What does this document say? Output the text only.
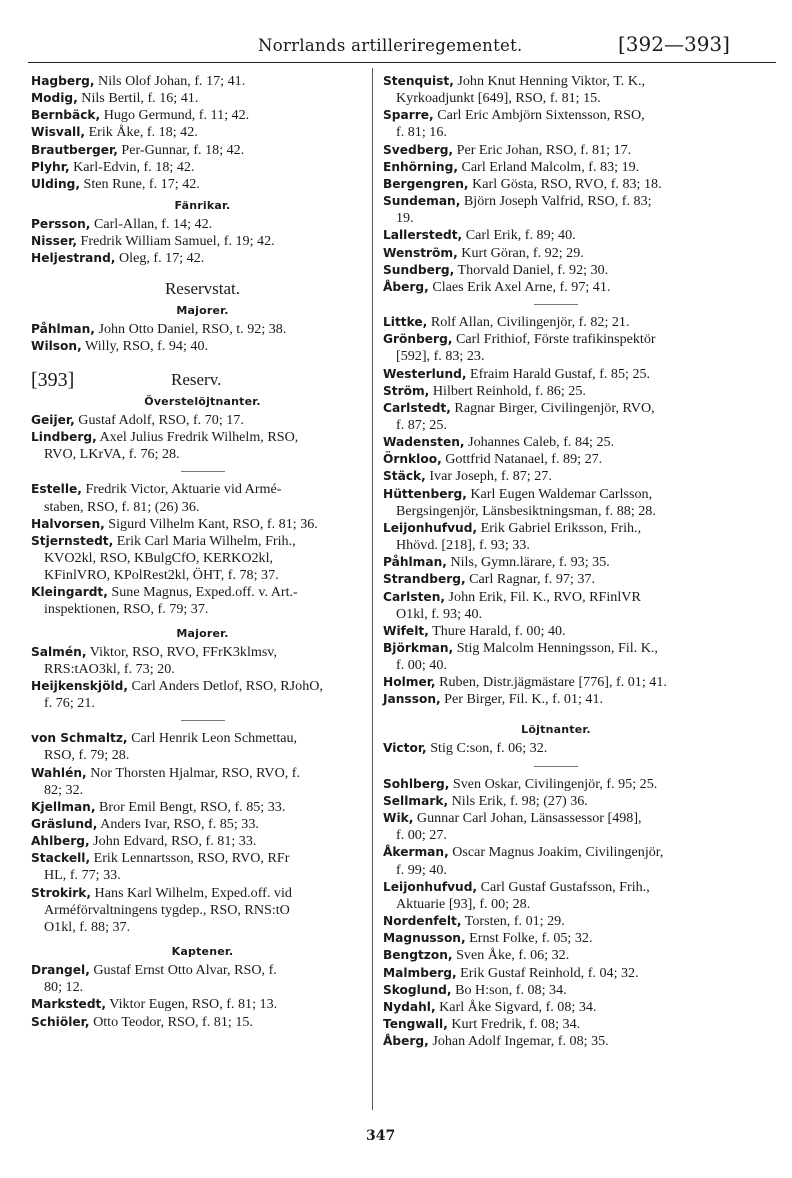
Norrlands artilleriregementet.	[392—393]
Hagberg, Nils Olof Johan, f. 17; 41.
Modig, Nils Bertil, f. 16; 41.
Bernbäck, Hugo Germund, f. 11; 42.
Wisvall, Erik Åke, f. 18; 42.
Brautberger, Per-Gunnar, f. 18; 42.
Plyhr, Karl-Edvin, f. 18; 42.
Ulding, Sten Rune, f. 17; 42.
Fänrikar.
Persson, Carl-Allan, f. 14; 42.
Nisser, Fredrik William Samuel, f. 19; 42.
Heljestrand, Oleg, f. 17; 42.
Reservstat.
Majorer.
Påhlman, John Otto Daniel, RSO, t. 92; 38.
Wilson, Willy, RSO, f. 94; 40.
[393]	Reserv.
Överstelöjtnanter.
Geijer, Gustaf Adolf, RSO, f. 70; 17.
Lindberg, Axel Julius Fredrik Wilhelm, RSO,
RVO, LKrVA, f. 76; 28.
Estelle, Fredrik Victor, Aktuarie vid Armé-
staben, RSO, f. 81; (26) 36.
Halvorsen, Sigurd Vilhelm Kant, RSO, f. 81; 36.
Stjernstedt, Erik Carl Maria Wilhelm, Frih.,
KVO2kl, RSO, KBulgCfO, KERKO2kl,
KFinlVRO, KPolRest2kl, ÖHT, f. 78; 37.
Kleingardt, Sune Magnus, Exped.off. v. Art.-
inspektionen, RSO, f. 79; 37.
Majorer.
Salmén, Viktor, RSO, RVO, FFrK3klmsv,
RRS:tAO3kl, f. 73; 20.
Heijkenskjöld, Carl Anders Detlof, RSO, RJohO,
f. 76; 21.
von Schmaltz, Carl Henrik Leon Schmettau,
RSO, f. 79; 28.
Wahlén, Nor Thorsten Hjalmar, RSO, RVO, f.
82; 32.
Kjellman, Bror Emil Bengt, RSO, f. 85; 33.
Gräslund, Anders Ivar, RSO, f. 85; 33.
Ahlberg, John Edvard, RSO, f. 81; 33.
Stackell, Erik Lennartsson, RSO, RVO, RFr
HL, f. 77; 33.
Strokirk, Hans Karl Wilhelm, Exped.off. vid
Arméförvaltningens tygdep., RSO, RNS:tO
O1kl, f. 88; 37.
Kaptener.
Drangel, Gustaf Ernst Otto Alvar, RSO, f.
80; 12.
Markstedt, Viktor Eugen, RSO, f. 81; 13.
Schiöler, Otto Teodor, RSO, f. 81; 15.
Stenquist, John Knut Henning Viktor, T. K.,
Kyrkoadjunkt [649], RSO, f. 81; 15.
Sparre, Carl Eric Ambjörn Sixtensson, RSO,
f. 81; 16.
Svedberg, Per Eric Johan, RSO, f. 81; 17.
Enhörning, Carl Erland Malcolm, f. 83; 19.
Bergengren, Karl Gösta, RSO, RVO, f. 83; 18.
Sundeman, Björn Joseph Valfrid, RSO, f. 83;
19.
Lallerstedt, Carl Erik, f. 89; 40.
Wenström, Kurt Göran, f. 92; 29.
Sundberg, Thorvald Daniel, f. 92; 30.
Åberg, Claes Erik Axel Arne, f. 97; 41.
Littke, Rolf Allan, Civilingenjör, f. 82; 21.
Grönberg, Carl Frithiof, Förste trafikinspektör
[592], f. 83; 23.
Westerlund, Efraim Harald Gustaf, f. 85; 25.
Ström, Hilbert Reinhold, f. 86; 25.
Carlstedt, Ragnar Birger, Civilingenjör, RVO,
f. 87; 25.
Wadensten, Johannes Caleb, f. 84; 25.
Örnkloo, Gottfrid Natanael, f. 89; 27.
Stäck, Ivar Joseph, f. 87; 27.
Hüttenberg, Karl Eugen Waldemar Carlsson,
Bergsingenjör, Länsbesiktningsman, f. 88; 28.
Leijonhufvud, Erik Gabriel Eriksson, Frih.,
Hhövd. [218], f. 93; 33.
Påhlman, Nils, Gymn.lärare, f. 93; 35.
Strandberg, Carl Ragnar, f. 97; 37.
Carlsten, John Erik, Fil. K., RVO, RFinlVR
O1kl, f. 93; 40.
Wifelt, Thure Harald, f. 00; 40.
Björkman, Stig Malcolm Henningsson, Fil. K.,
f. 00; 40.
Holmer, Ruben, Distr.jägmästare [776], f. 01; 41.
Jansson, Per Birger, Fil. K., f. 01; 41.
Löjtnanter.
Victor, Stig C:son, f. 06; 32.
Sohlberg, Sven Oskar, Civilingenjör, f. 95; 25.
Sellmark, Nils Erik, f. 98; (27) 36.
Wik, Gunnar Carl Johan, Länsassessor [498],
f. 00; 27.
Åkerman, Oscar Magnus Joakim, Civilingenjör,
f. 99; 40.
Leijonhufvud, Carl Gustaf Gustafsson, Frih.,
Aktuarie [93], f. 00; 28.
Nordenfelt, Torsten, f. 01; 29.
Magnusson, Ernst Folke, f. 05; 32.
Bengtzon, Sven Åke, f. 06; 32.
Malmberg, Erik Gustaf Reinhold, f. 04; 32.
Skoglund, Bo H:son, f. 08; 34.
Nydahl, Karl Åke Sigvard, f. 08; 34.
Tengwall, Kurt Fredrik, f. 08; 34.
Åberg, Johan Adolf Ingemar, f. 08; 35.
347
